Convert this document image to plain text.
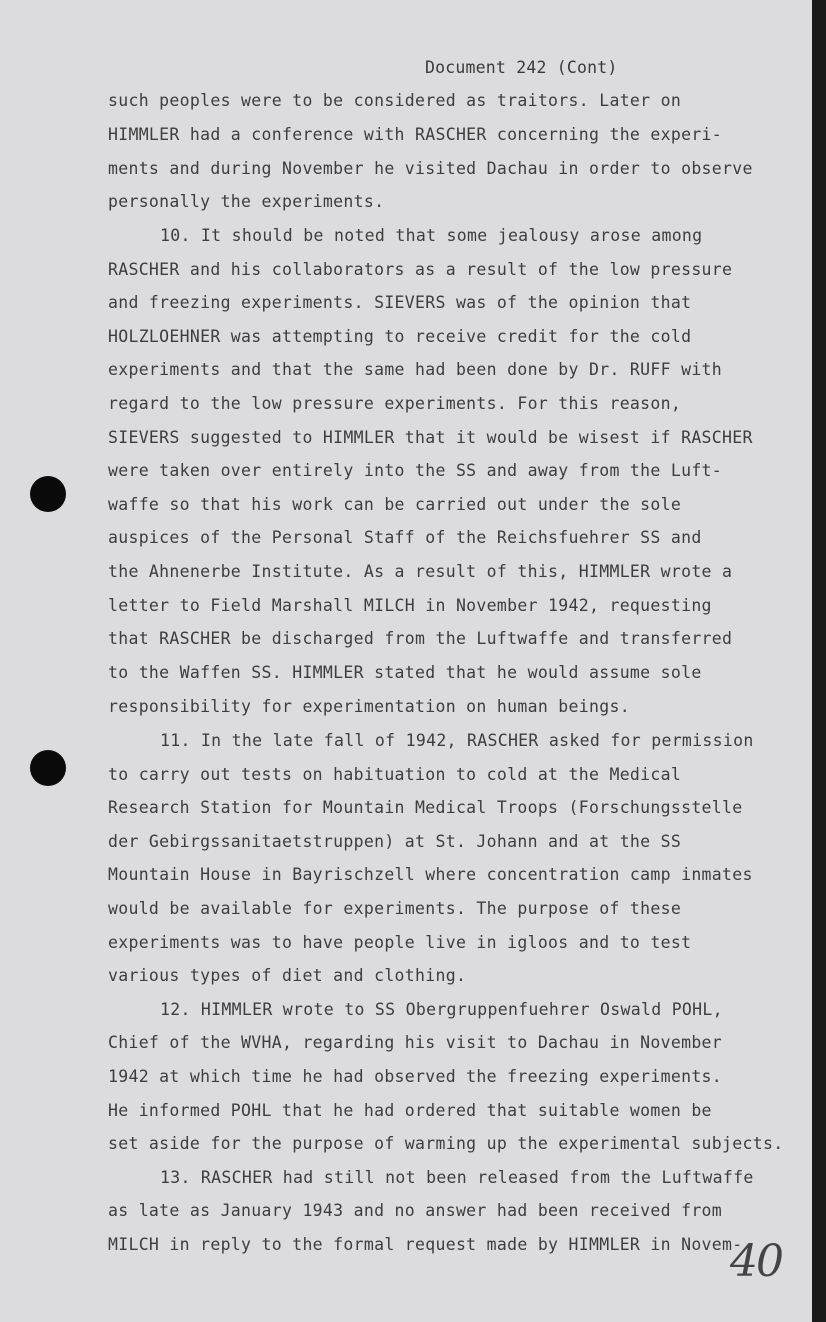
Document 242 (Cont)
such peoples were to be considered as traitors. Later on
HIMMLER had a conference with RASCHER concerning the experi-
ments and during November he visited Dachau in order to observe
personally the experiments.
10. It should be noted that some jealousy arose among
RASCHER and his collaborators as a result of the low pressure
and freezing experiments. SIEVERS was of the opinion that
HOLZLOEHNER was attempting to receive credit for the cold
experiments and that the same had been done by Dr. RUFF with
regard to the low pressure experiments. For this reason,
SIEVERS suggested to HIMMLER that it would be wisest if RASCHER
were taken over entirely into the SS and away from the Luft-
waffe so that his work can be carried out under the sole
auspices of the Personal Staff of the Reichsfuehrer SS and
the Ahnenerbe Institute. As a result of this, HIMMLER wrote a
letter to Field Marshall MILCH in November 1942, requesting
that RASCHER be discharged from the Luftwaffe and transferred
to the Waffen SS. HIMMLER stated that he would assume sole
responsibility for experimentation on human beings.
11. In the late fall of 1942, RASCHER asked for permission
to carry out tests on habituation to cold at the Medical
Research Station for Mountain Medical Troops (Forschungsstelle
der Gebirgssanitaetstruppen) at St. Johann and at the SS
Mountain House in Bayrischzell where concentration camp inmates
would be available for experiments. The purpose of these
experiments was to have people live in igloos and to test
various types of diet and clothing.
12. HIMMLER wrote to SS Obergruppenfuehrer Oswald POHL,
Chief of the WVHA, regarding his visit to Dachau in November
1942 at which time he had observed the freezing experiments.
He informed POHL that he had ordered that suitable women be
set aside for the purpose of warming up the experimental subjects.
13. RASCHER had still not been released from the Luftwaffe
as late as January 1943 and no answer had been received from
MILCH in reply to the formal request made by HIMMLER in Novem-
40
